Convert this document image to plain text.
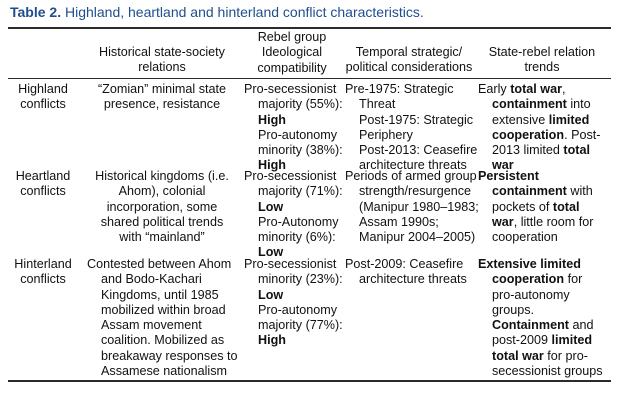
Table 2. Highland, heartland and hinterland conflict characteristics.
Historical state-society
relations
Rebel group
Ideological
compatibility
Temporal strategic/
political considerations
State-rebel relation
trends
Highland
conflicts
“Zomian” minimal state
presence, resistance
Pro-secessionist
majority (55%):
High
Pro-autonomy
minority (38%):
High
Pre-1975: Strategic
Threat
Post-1975: Strategic
Periphery
Post-2013: Ceasefire
architecture threats
Early total war,
containment into
extensive limited
cooperation. Post-
2013 limited total
war
Heartland
conflicts
Historical kingdoms (i.e.
Ahom), colonial
incorporation, some
shared political trends
with “mainland”
Pro-secessionist
majority (71%):
Low
Pro-Autonomy
minority (6%):
Low
Periods of armed group
strength/resurgence
(Manipur 1980–1983;
Assam 1990s;
Manipur 2004–2005)
Persistent
containment with
pockets of total
war, little room for
cooperation
Hinterland
conflicts
Contested between Ahom
and Bodo-Kachari
Kingdoms, until 1985
mobilized within broad
Assam movement
coalition. Mobilized as
breakaway responses to
Assamese nationalism
Pro-secessionist
minority (23%):
Low
Pro-autonomy
majority (77%):
High
Post-2009: Ceasefire
architecture threats
Extensive limited
cooperation for
pro-autonomy
groups.
Containment and
post-2009 limited
total war for pro-
secessionist groups
